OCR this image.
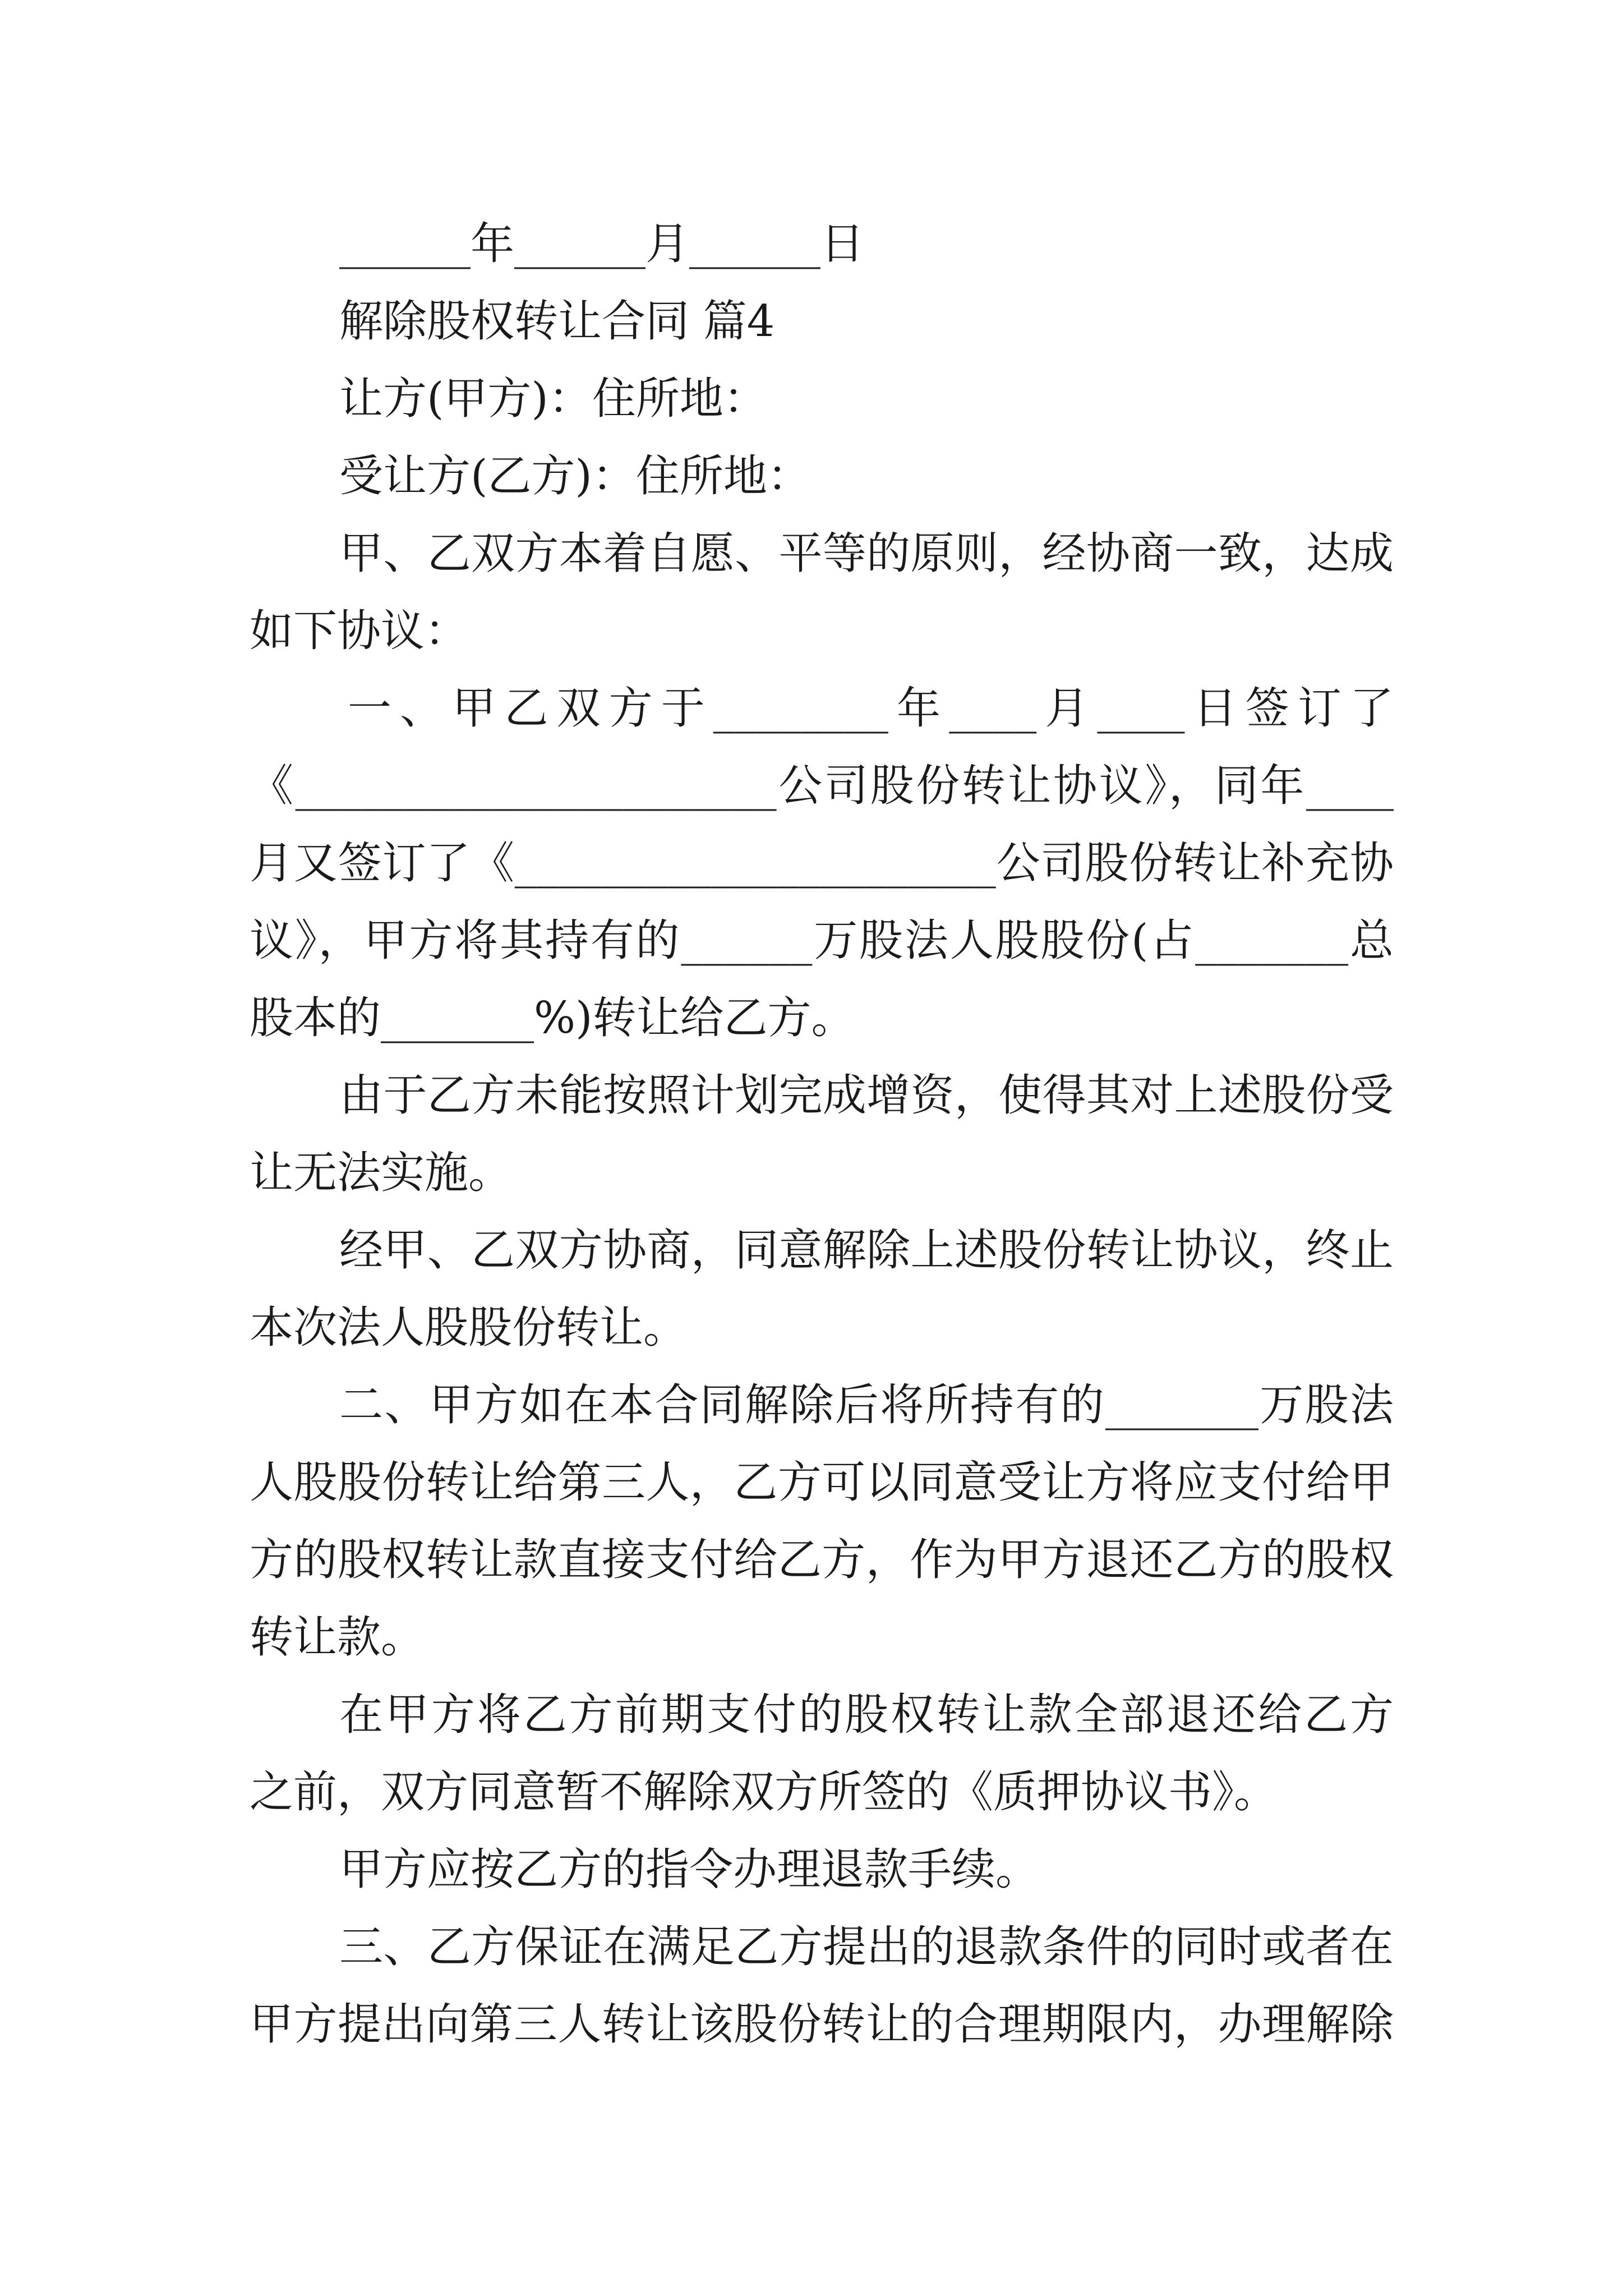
______年______月______日
解除股权转让合同 篇4
让方(甲方)：住所地：
受让方(乙方)：住所地：
甲、乙双方本着自愿、平等的原则，经协商一致，达成
如下协议：
一、甲乙双方于________年____月____日签订了
《______________________公司股份转让协议》，同年____
月又签订了《______________________公司股份转让补充协
议》，甲方将其持有的______万股法人股股份(占_______总
股本的_______%)转让给乙方。
由于乙方未能按照计划完成增资，使得其对上述股份受
让无法实施。
经甲、乙双方协商，同意解除上述股份转让协议，终止
本次法人股股份转让。
二、甲方如在本合同解除后将所持有的_______万股法
人股股份转让给第三人，乙方可以同意受让方将应支付给甲
方的股权转让款直接支付给乙方，作为甲方退还乙方的股权
转让款。
在甲方将乙方前期支付的股权转让款全部退还给乙方
之前，双方同意暂不解除双方所签的《质押协议书》。
甲方应按乙方的指令办理退款手续。
三、乙方保证在满足乙方提出的退款条件的同时或者在
甲方提出向第三人转让该股份转让的合理期限内，办理解除
